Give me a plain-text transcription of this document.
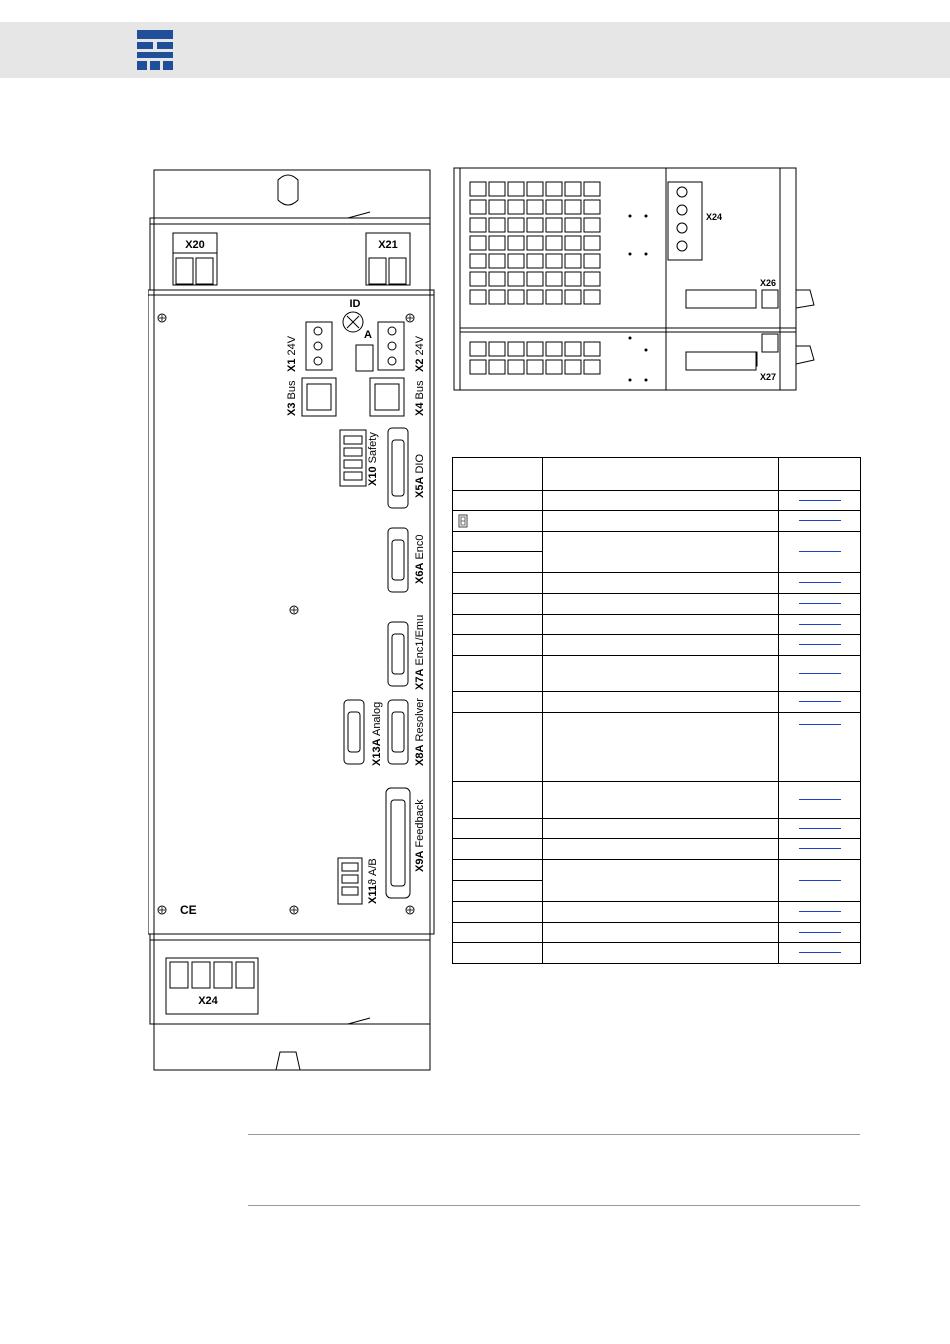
X20	X21
ID
A
X1 24V
X2 24V
X3 Bus
X4 Bus
X10 Safety
X5A DIO
X6A Enc0
X7A Enc1/Emu
X13A Analog
X8A Resolver
X9A Feedback
X11ϑ A/B
CE
X24
X24
X26
X27
